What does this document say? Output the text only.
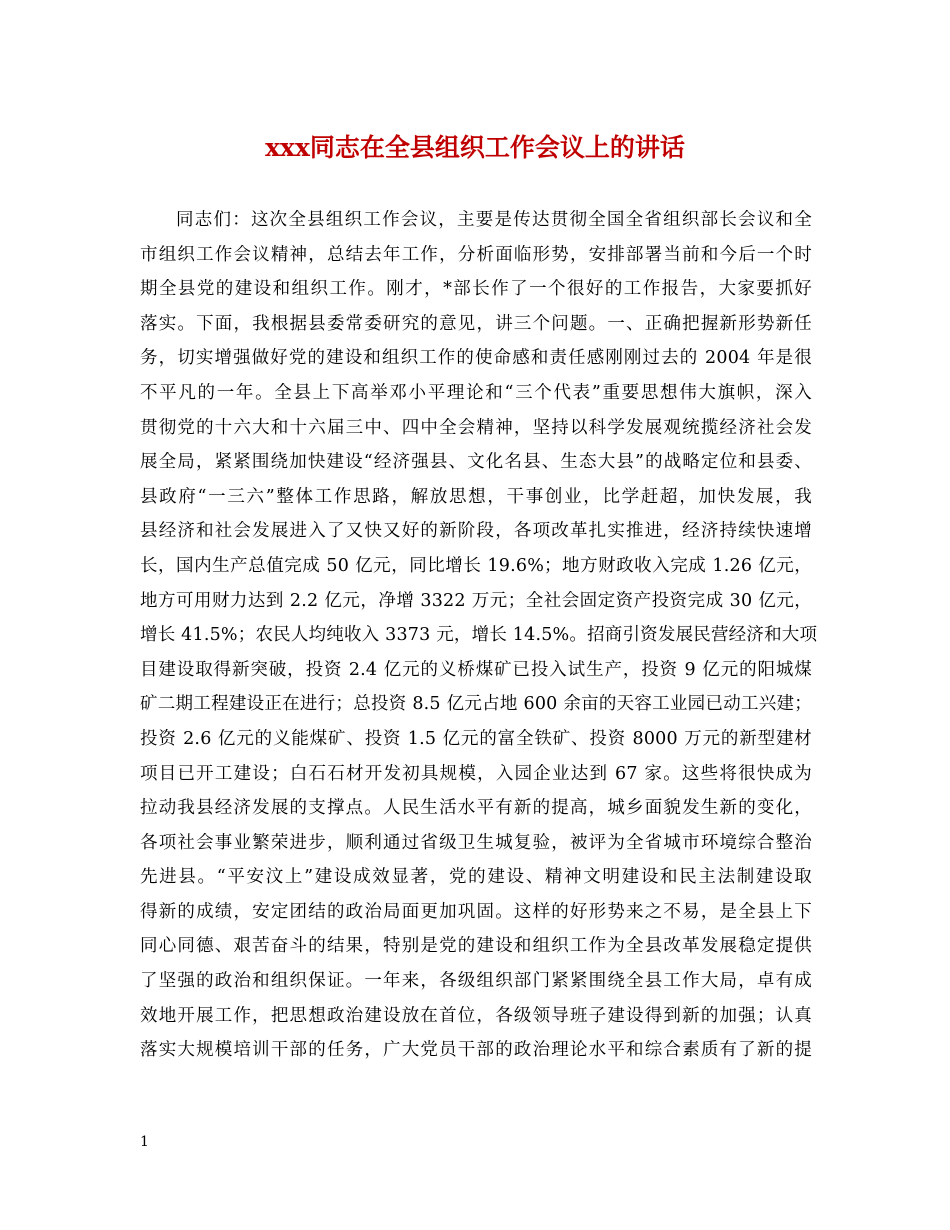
xxx同志在全县组织工作会议上的讲话
同志们：这次全县组织工作会议，主要是传达贯彻全国全省组织部长会议和全
市组织工作会议精神，总结去年工作，分析面临形势，安排部署当前和今后一个时
期全县党的建设和组织工作。刚才，*部长作了一个很好的工作报告，大家要抓好
落实。下面，我根据县委常委研究的意见，讲三个问题。一、正确把握新形势新任
务，切实增强做好党的建设和组织工作的使命感和责任感刚刚过去的 2004 年是很
不平凡的一年。全县上下高举邓小平理论和“三个代表”重要思想伟大旗帜，深入
贯彻党的十六大和十六届三中、四中全会精神，坚持以科学发展观统揽经济社会发
展全局，紧紧围绕加快建设“经济强县、文化名县、生态大县”的战略定位和县委、
县政府“一三六”整体工作思路，解放思想，干事创业，比学赶超，加快发展，我
县经济和社会发展进入了又快又好的新阶段，各项改革扎实推进，经济持续快速增
长，国内生产总值完成 50 亿元，同比增长 19.6%；地方财政收入完成 1.26 亿元，
地方可用财力达到 2.2 亿元，净增 3322 万元；全社会固定资产投资完成 30 亿元，
增长 41.5%；农民人均纯收入 3373 元，增长 14.5%。招商引资发展民营经济和大项
目建设取得新突破，投资 2.4 亿元的义桥煤矿已投入试生产，投资 9 亿元的阳城煤
矿二期工程建设正在进行；总投资 8.5 亿元占地 600 余亩的天容工业园已动工兴建；
投资 2.6 亿元的义能煤矿、投资 1.5 亿元的富全铁矿、投资 8000 万元的新型建材
项目已开工建设；白石石材开发初具规模，入园企业达到 67 家。这些将很快成为
拉动我县经济发展的支撑点。人民生活水平有新的提高，城乡面貌发生新的变化，
各项社会事业繁荣进步，顺利通过省级卫生城复验，被评为全省城市环境综合整治
先进县。“平安汶上”建设成效显著，党的建设、精神文明建设和民主法制建设取
得新的成绩，安定团结的政治局面更加巩固。这样的好形势来之不易，是全县上下
同心同德、艰苦奋斗的结果，特别是党的建设和组织工作为全县改革发展稳定提供
了坚强的政治和组织保证。一年来，各级组织部门紧紧围绕全县工作大局，卓有成
效地开展工作，把思想政治建设放在首位，各级领导班子建设得到新的加强；认真
落实大规模培训干部的任务，广大党员干部的政治理论水平和综合素质有了新的提
1
